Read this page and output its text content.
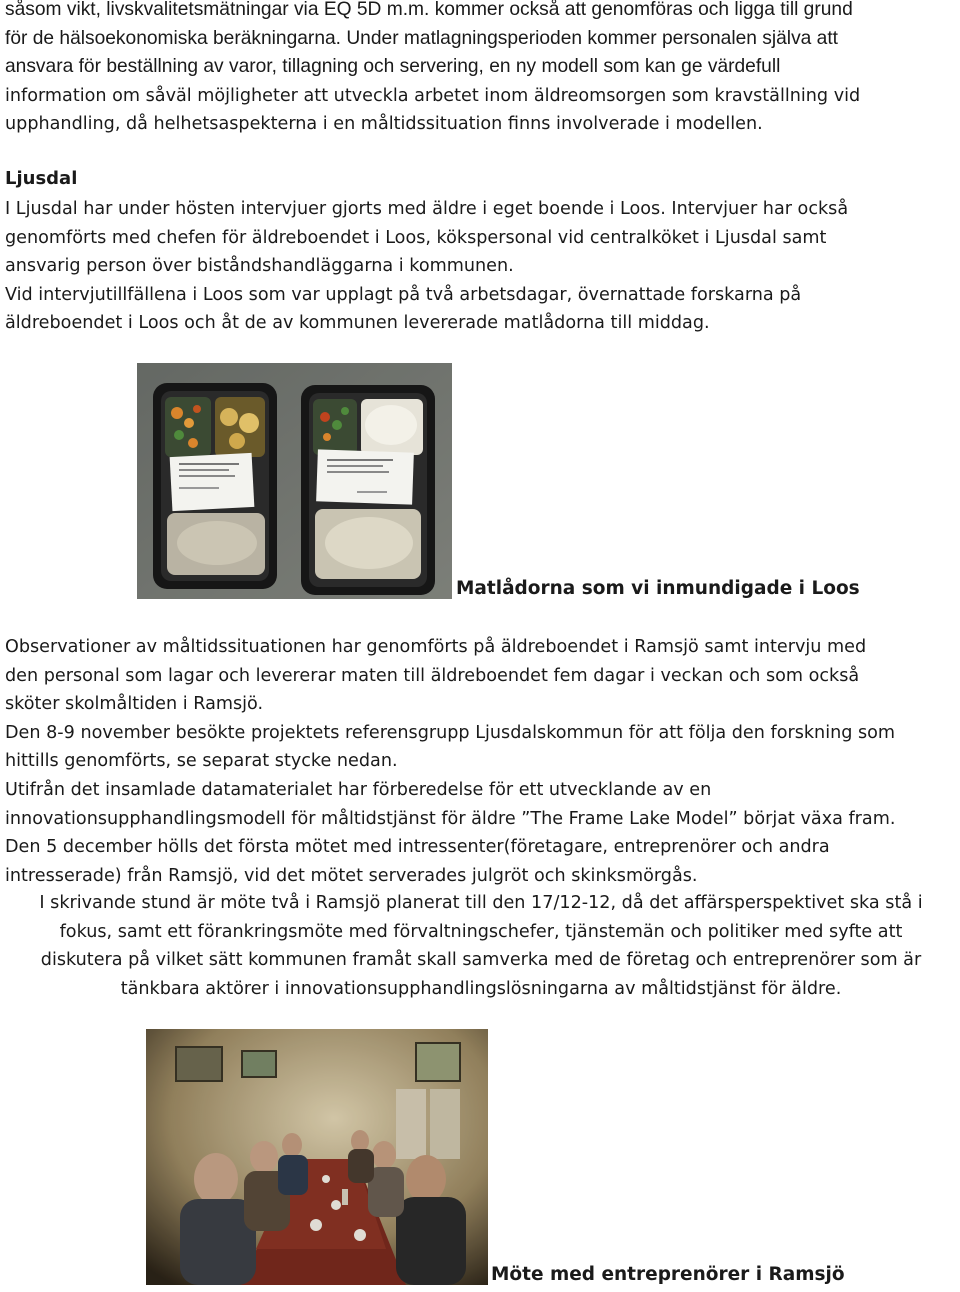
såsom vikt, livskvalitetsmätningar via EQ 5D m.m. kommer också att genomföras och ligga till grund
för de hälsoekonomiska beräkningarna. Under matlagningsperioden kommer personalen själva att
ansvara för beställning av varor, tillagning och servering, en ny modell som kan ge värdefull
information om såväl möjligheter att utveckla arbetet inom äldreomsorgen som kravställning vid
upphandling, då helhetsaspekterna i en måltidssituation finns involverade i modellen.
Ljusdal
I Ljusdal har under hösten intervjuer gjorts med äldre i eget boende i Loos. Intervjuer har också
genomförts med chefen för äldreboendet i Loos, kökspersonal vid centralköket i Ljusdal samt
ansvarig person över biståndshandläggarna i kommunen.
Vid intervjutillfällena i Loos som var upplagt på två arbetsdagar, övernattade forskarna på
äldreboendet i Loos och åt de av kommunen levererade matlådorna till middag.
Matlådorna som vi inmundigade i Loos
Observationer av måltidssituationen har genomförts på äldreboendet i Ramsjö samt intervju med
den personal som lagar och levererar maten till äldreboendet fem dagar i veckan och som också
sköter skolmåltiden i Ramsjö.
Den 8-9 november besökte projektets referensgrupp Ljusdalskommun för att följa den forskning som
hittills genomförts, se separat stycke nedan.
Utifrån det insamlade datamaterialet har förberedelse för ett utvecklande av en
innovationsupphandlingsmodell för måltidstjänst för äldre ”The Frame Lake Model” börjat växa fram.
Den 5 december hölls det första mötet med intressenter(företagare, entreprenörer och andra
intresserade) från Ramsjö, vid det mötet serverades julgröt och skinksmörgås.
I skrivande stund är möte två i Ramsjö planerat till den 17/12-12, då det affärsperspektivet ska stå i
fokus, samt ett förankringsmöte med förvaltningschefer, tjänstemän och politiker med syfte att
diskutera på vilket sätt kommunen framåt skall samverka med de företag och entreprenörer som är
tänkbara aktörer i innovationsupphandlingslösningarna av måltidstjänst för äldre.
Möte med entreprenörer i Ramsjö
